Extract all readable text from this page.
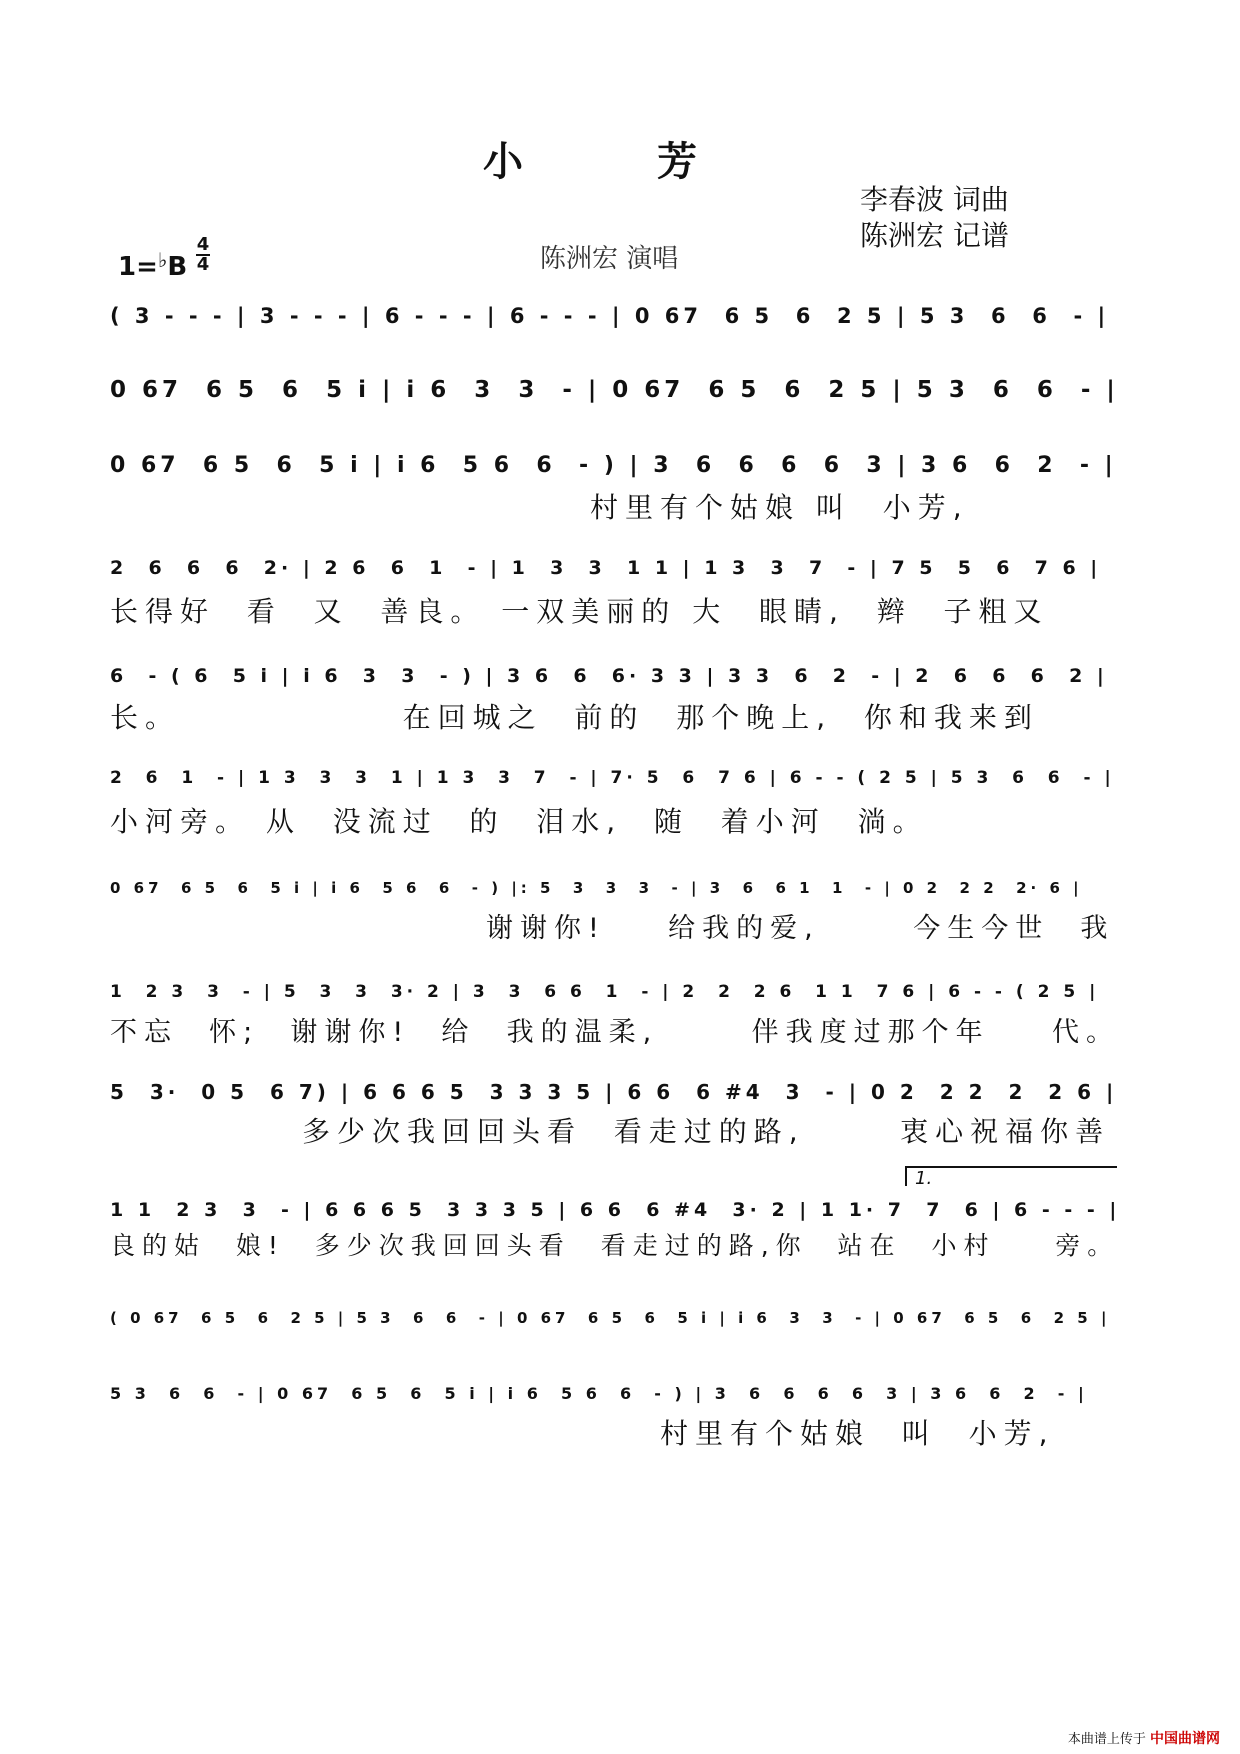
小 芳
李春波 词曲
陈洲宏 记谱
陈洲宏 演唱
1=♭B
4
4
( 3 - - - | 3 - - - | 6 - - - | 6 - - - | 0 67  6 5  6  2 5 | 5 3  6  6  - |
0 67  6 5  6  5 i | i 6  3  3  - | 0 67  6 5  6  2 5 | 5 3  6  6  - |
0 67  6 5  6  5 i | i 6  5 6  6  - ) | 3  6  6  6  6  3 | 3 6  6  2  - |
村里有个姑娘 叫  小芳,
2  6  6  6  2· | 2 6  6  1  - | 1  3  3  1 1 | 1 3  3  7  - | 7 5  5  6  7 6 |
长得好  看  又  善良。 一双美丽的 大  眼睛,  辫  子粗又
6  - ( 6  5 i | i 6  3  3  - ) | 3 6  6  6· 3 3 | 3 3  6  2  - | 2  6  6  6  2 |
长。              在回城之  前的  那个晚上,  你和我来到
2  6  1  - | 1 3  3  3  1 | 1 3  3  7  - | 7· 5  6  7 6 | 6 - - ( 2 5 | 5 3  6  6  - |
小河旁。 从  没流过  的  泪水,  随  着小河  淌。
0 67  6 5  6  5 i | i 6  5 6  6  - ) |: 5  3  3  3  - | 3  6  6 1  1  - | 0 2  2 2  2· 6 |
谢谢你!    给我的爱,      今生今世  我
1  2 3  3  - | 5  3  3  3· 2 | 3  3  6 6  1  - | 2  2  2 6  1 1  7 6 | 6 - - ( 2 5 |
不忘  怀;  谢谢你!  给  我的温柔,      伴我度过那个年    代。
5  3·  0 5  6 7) | 6 6 6 5  3 3 3 5 | 6 6  6 #4  3  - | 0 2  2 2  2  2 6 |
多少次我回回头看  看走过的路,      衷心祝福你善
1.
1 1  2 3  3  - | 6 6 6 5  3 3 3 5 | 6 6  6 #4  3· 2 | 1 1· 7  7  6 | 6 - - - |
良的姑  娘!  多少次我回回头看  看走过的路,你  站在  小村    旁。
( 0 67  6 5  6  2 5 | 5 3  6  6  - | 0 67  6 5  6  5 i | i 6  3  3  - | 0 67  6 5  6  2 5 |
5 3  6  6  - | 0 67  6 5  6  5 i | i 6  5 6  6  - ) | 3  6  6  6  6  3 | 3 6  6  2  - |
村里有个姑娘  叫  小芳,
本曲谱上传于 中国曲谱网
